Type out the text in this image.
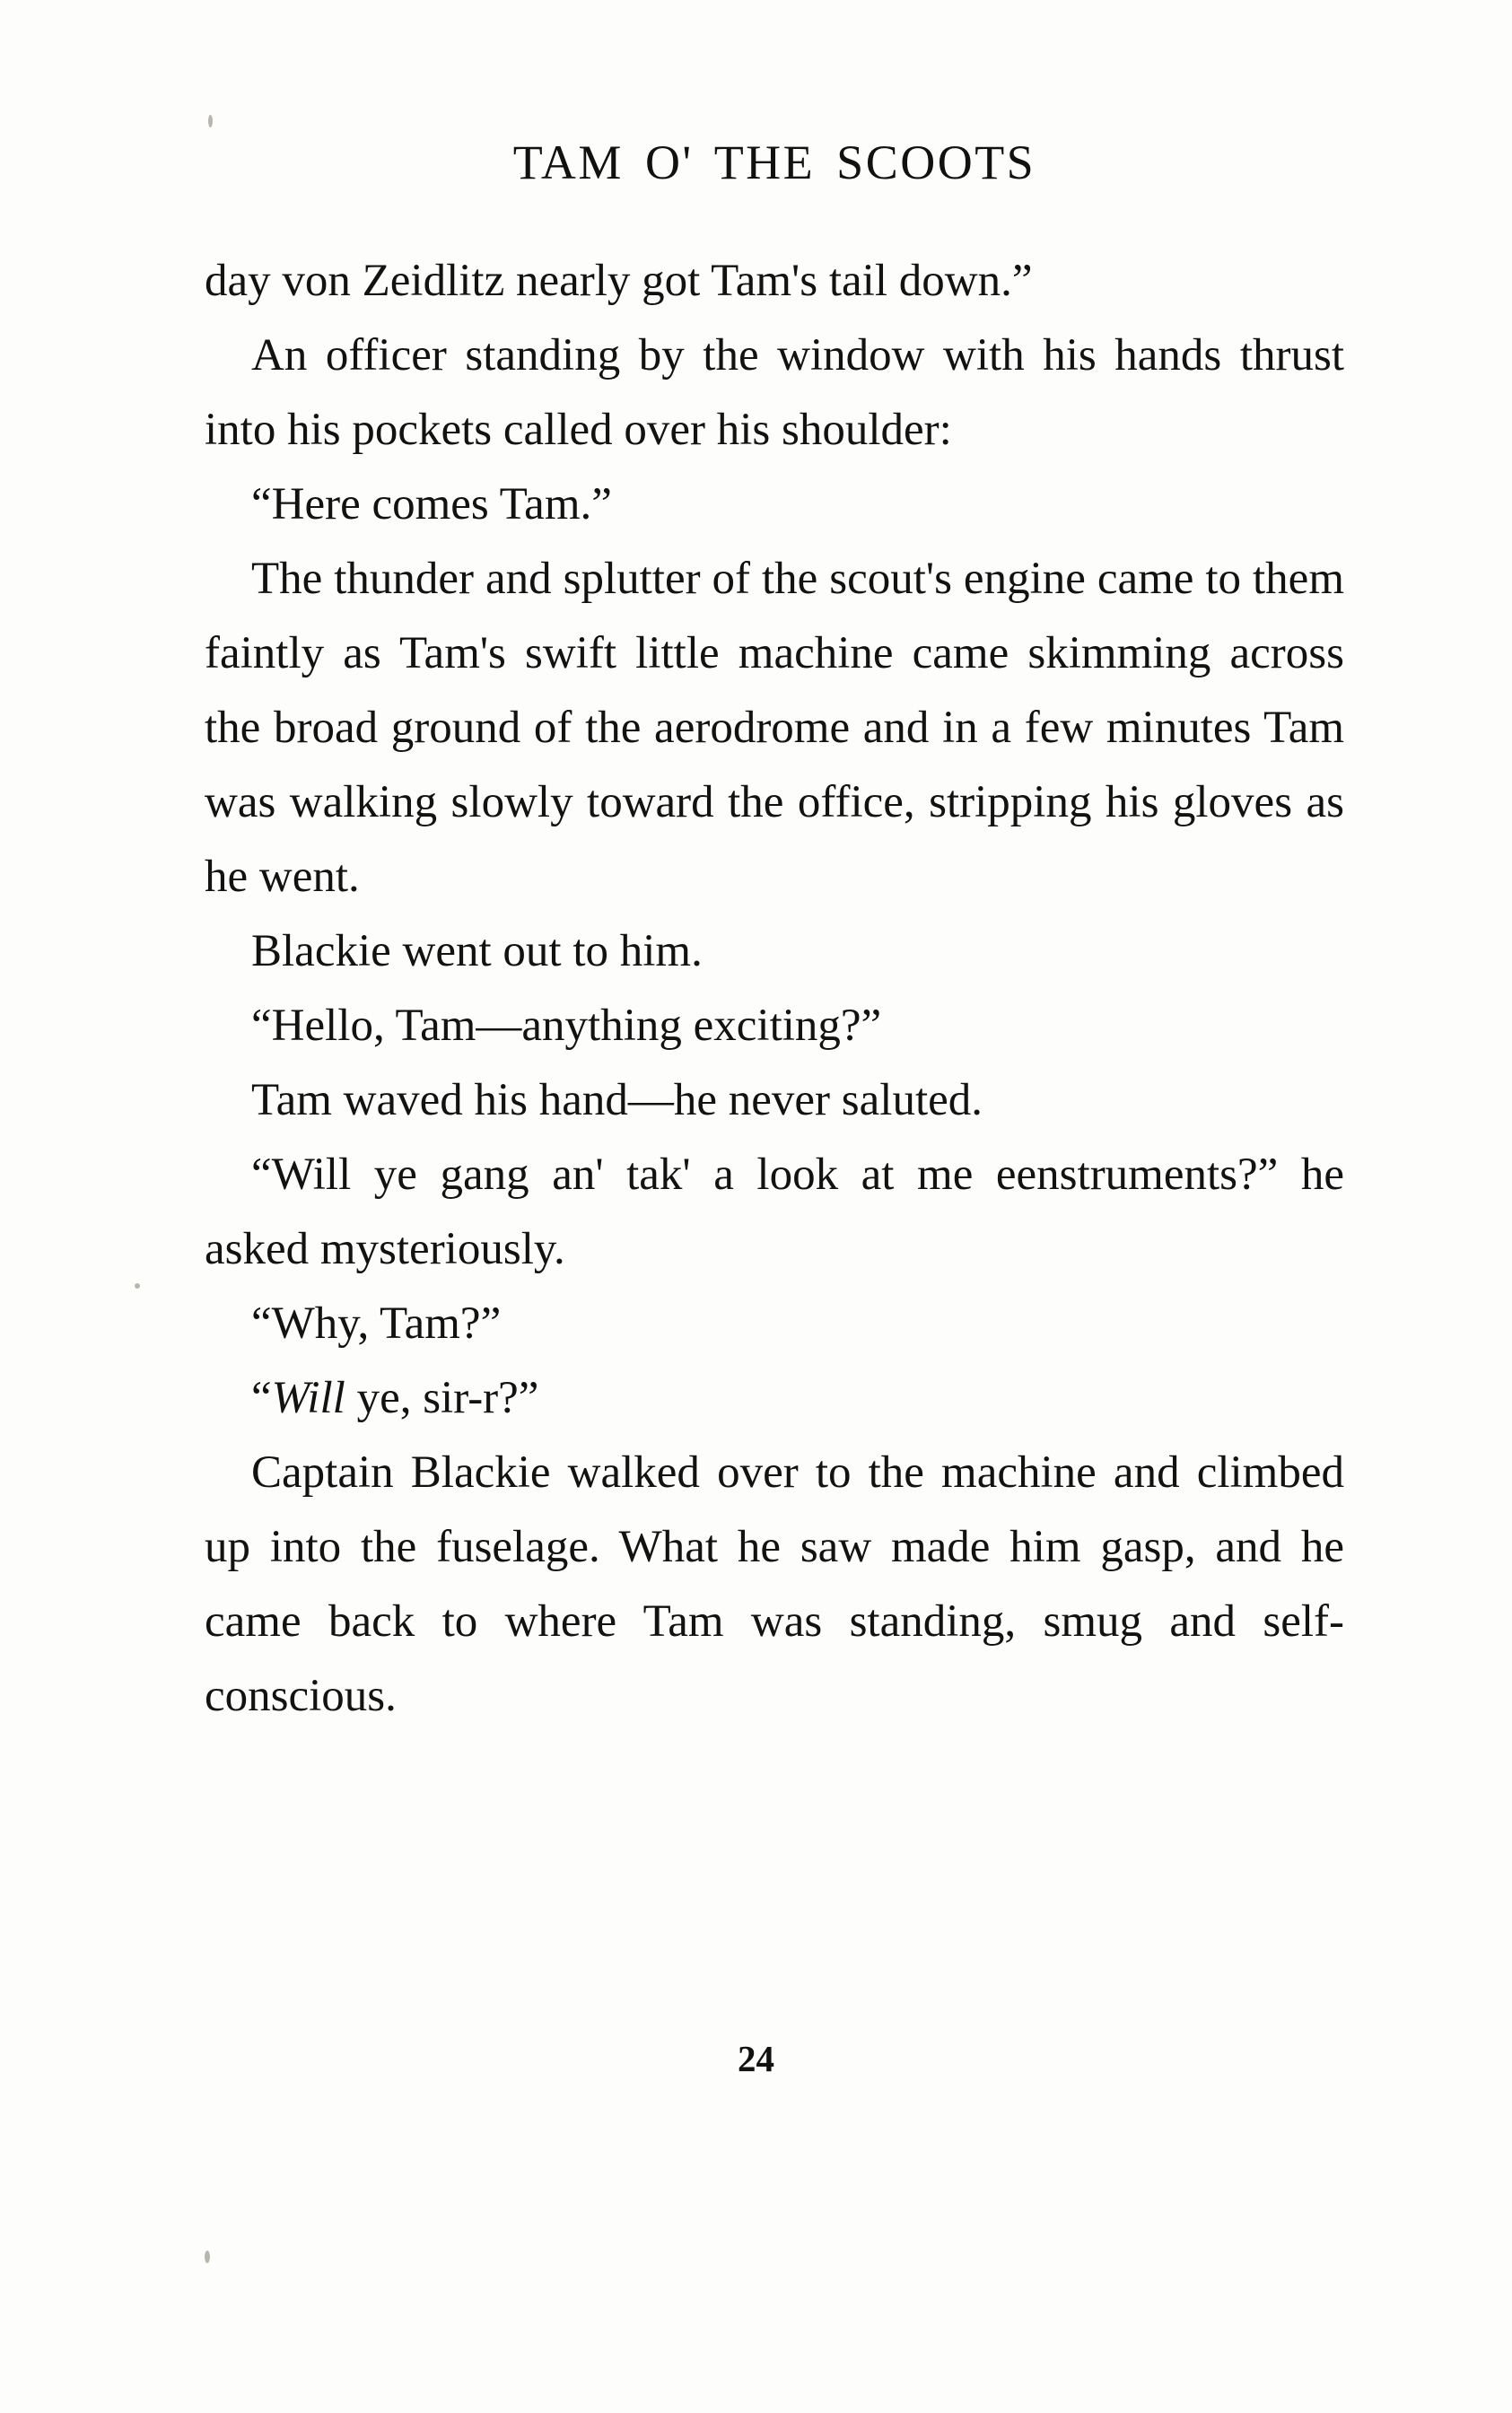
TAM O' THE SCOOTS

day von Zeidlitz nearly got Tam's tail down.”

An officer standing by the window with his hands thrust into his pockets called over his shoulder:

“Here comes Tam.”

The thunder and splutter of the scout's engine came to them faintly as Tam's swift little machine came skimming across the broad ground of the aerodrome and in a few minutes Tam was walking slowly toward the office, stripping his gloves as he went.

Blackie went out to him.

“Hello, Tam—anything exciting?”

Tam waved his hand—he never saluted.

“Will ye gang an' tak' a look at me eenstruments?” he asked mysteriously.

“Why, Tam?”

“Will ye, sir-r?”

Captain Blackie walked over to the machine and climbed up into the fuselage. What he saw made him gasp, and he came back to where Tam was standing, smug and self-conscious.

24
